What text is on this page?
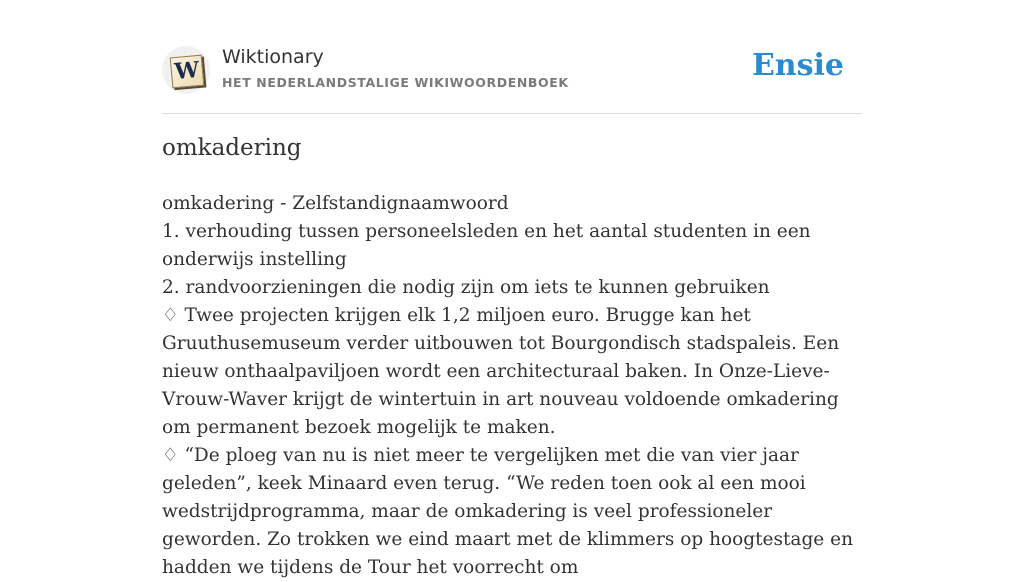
W Wiktionary
HET NEDERLANDSTALIGE WIKIWOORDENBOEK	Ensie
omkadering

omkadering - Zelfstandignaamwoord

1. verhouding tussen personeelsleden en het aantal studenten in een onderwijs instelling

2. randvoorzieningen die nodig zijn om iets te kunnen gebruiken

♢ Twee projecten krijgen elk 1,2 miljoen euro. Brugge kan het Gruuthusemuseum verder uitbouwen tot Bourgondisch stadspaleis. Een nieuw onthaalpaviljoen wordt een architecturaal baken. In Onze-Lieve-Vrouw-Waver krijgt de wintertuin in art nouveau voldoende omkadering om permanent bezoek mogelijk te maken.

♢ “De ploeg van nu is niet meer te vergelijken met die van vier jaar geleden”, keek Minaard even terug. “We reden toen ook al een mooi wedstrijdprogramma, maar de omkadering is veel professioneler geworden. Zo trokken we eind maart met de klimmers op hoogtestage en hadden we tijdens de Tour het voorrecht om
